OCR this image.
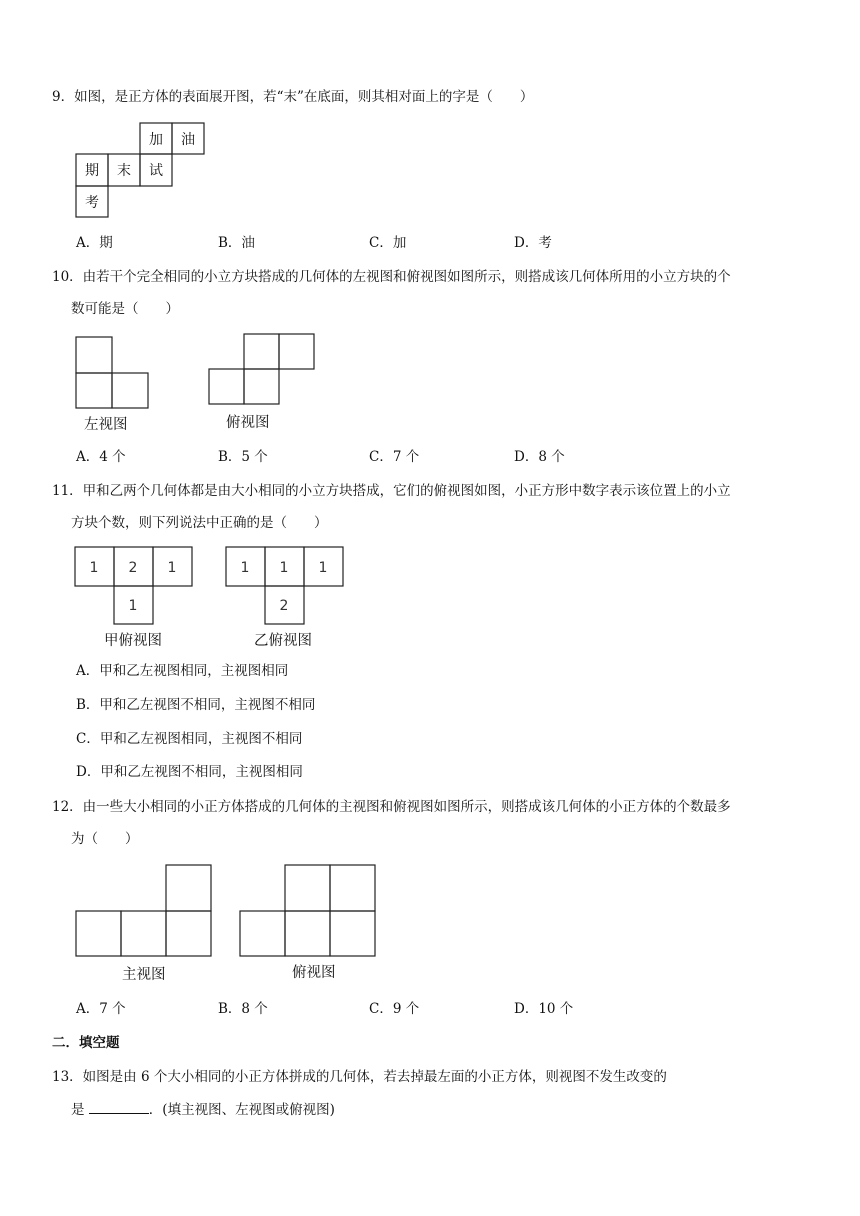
9．如图，是正方体的表面展开图，若“末”在底面，则其相对面上的字是（　　）
加 油
期 末 试
考
A．期	B．油	C．加	D．考
10．由若干个完全相同的小立方块搭成的几何体的左视图和俯视图如图所示，则搭成该几何体所用的小立方块的个
数可能是（　　）
左视图	俯视图
A．4 个	B．5 个	C．7 个	D．8 个
11．甲和乙两个几何体都是由大小相同的小立方块搭成，它们的俯视图如图，小正方形中数字表示该位置上的小立
方块个数，则下列说法中正确的是（　　）
1 2 1
1
甲俯视图
1 1 1
2
乙俯视图
A．甲和乙左视图相同，主视图相同
B．甲和乙左视图不相同，主视图不相同
C．甲和乙左视图相同，主视图不相同
D．甲和乙左视图不相同，主视图相同
12．由一些大小相同的小正方体搭成的几何体的主视图和俯视图如图所示，则搭成该几何体的小正方体的个数最多
为（　　）
主视图	俯视图
A．7 个	B．8 个	C．9 个	D．10 个
二．填空题
13．如图是由 6 个大小相同的小正方体拼成的几何体，若去掉最左面的小正方体，则视图不发生改变的
是	．(填主视图、左视图或俯视图)
